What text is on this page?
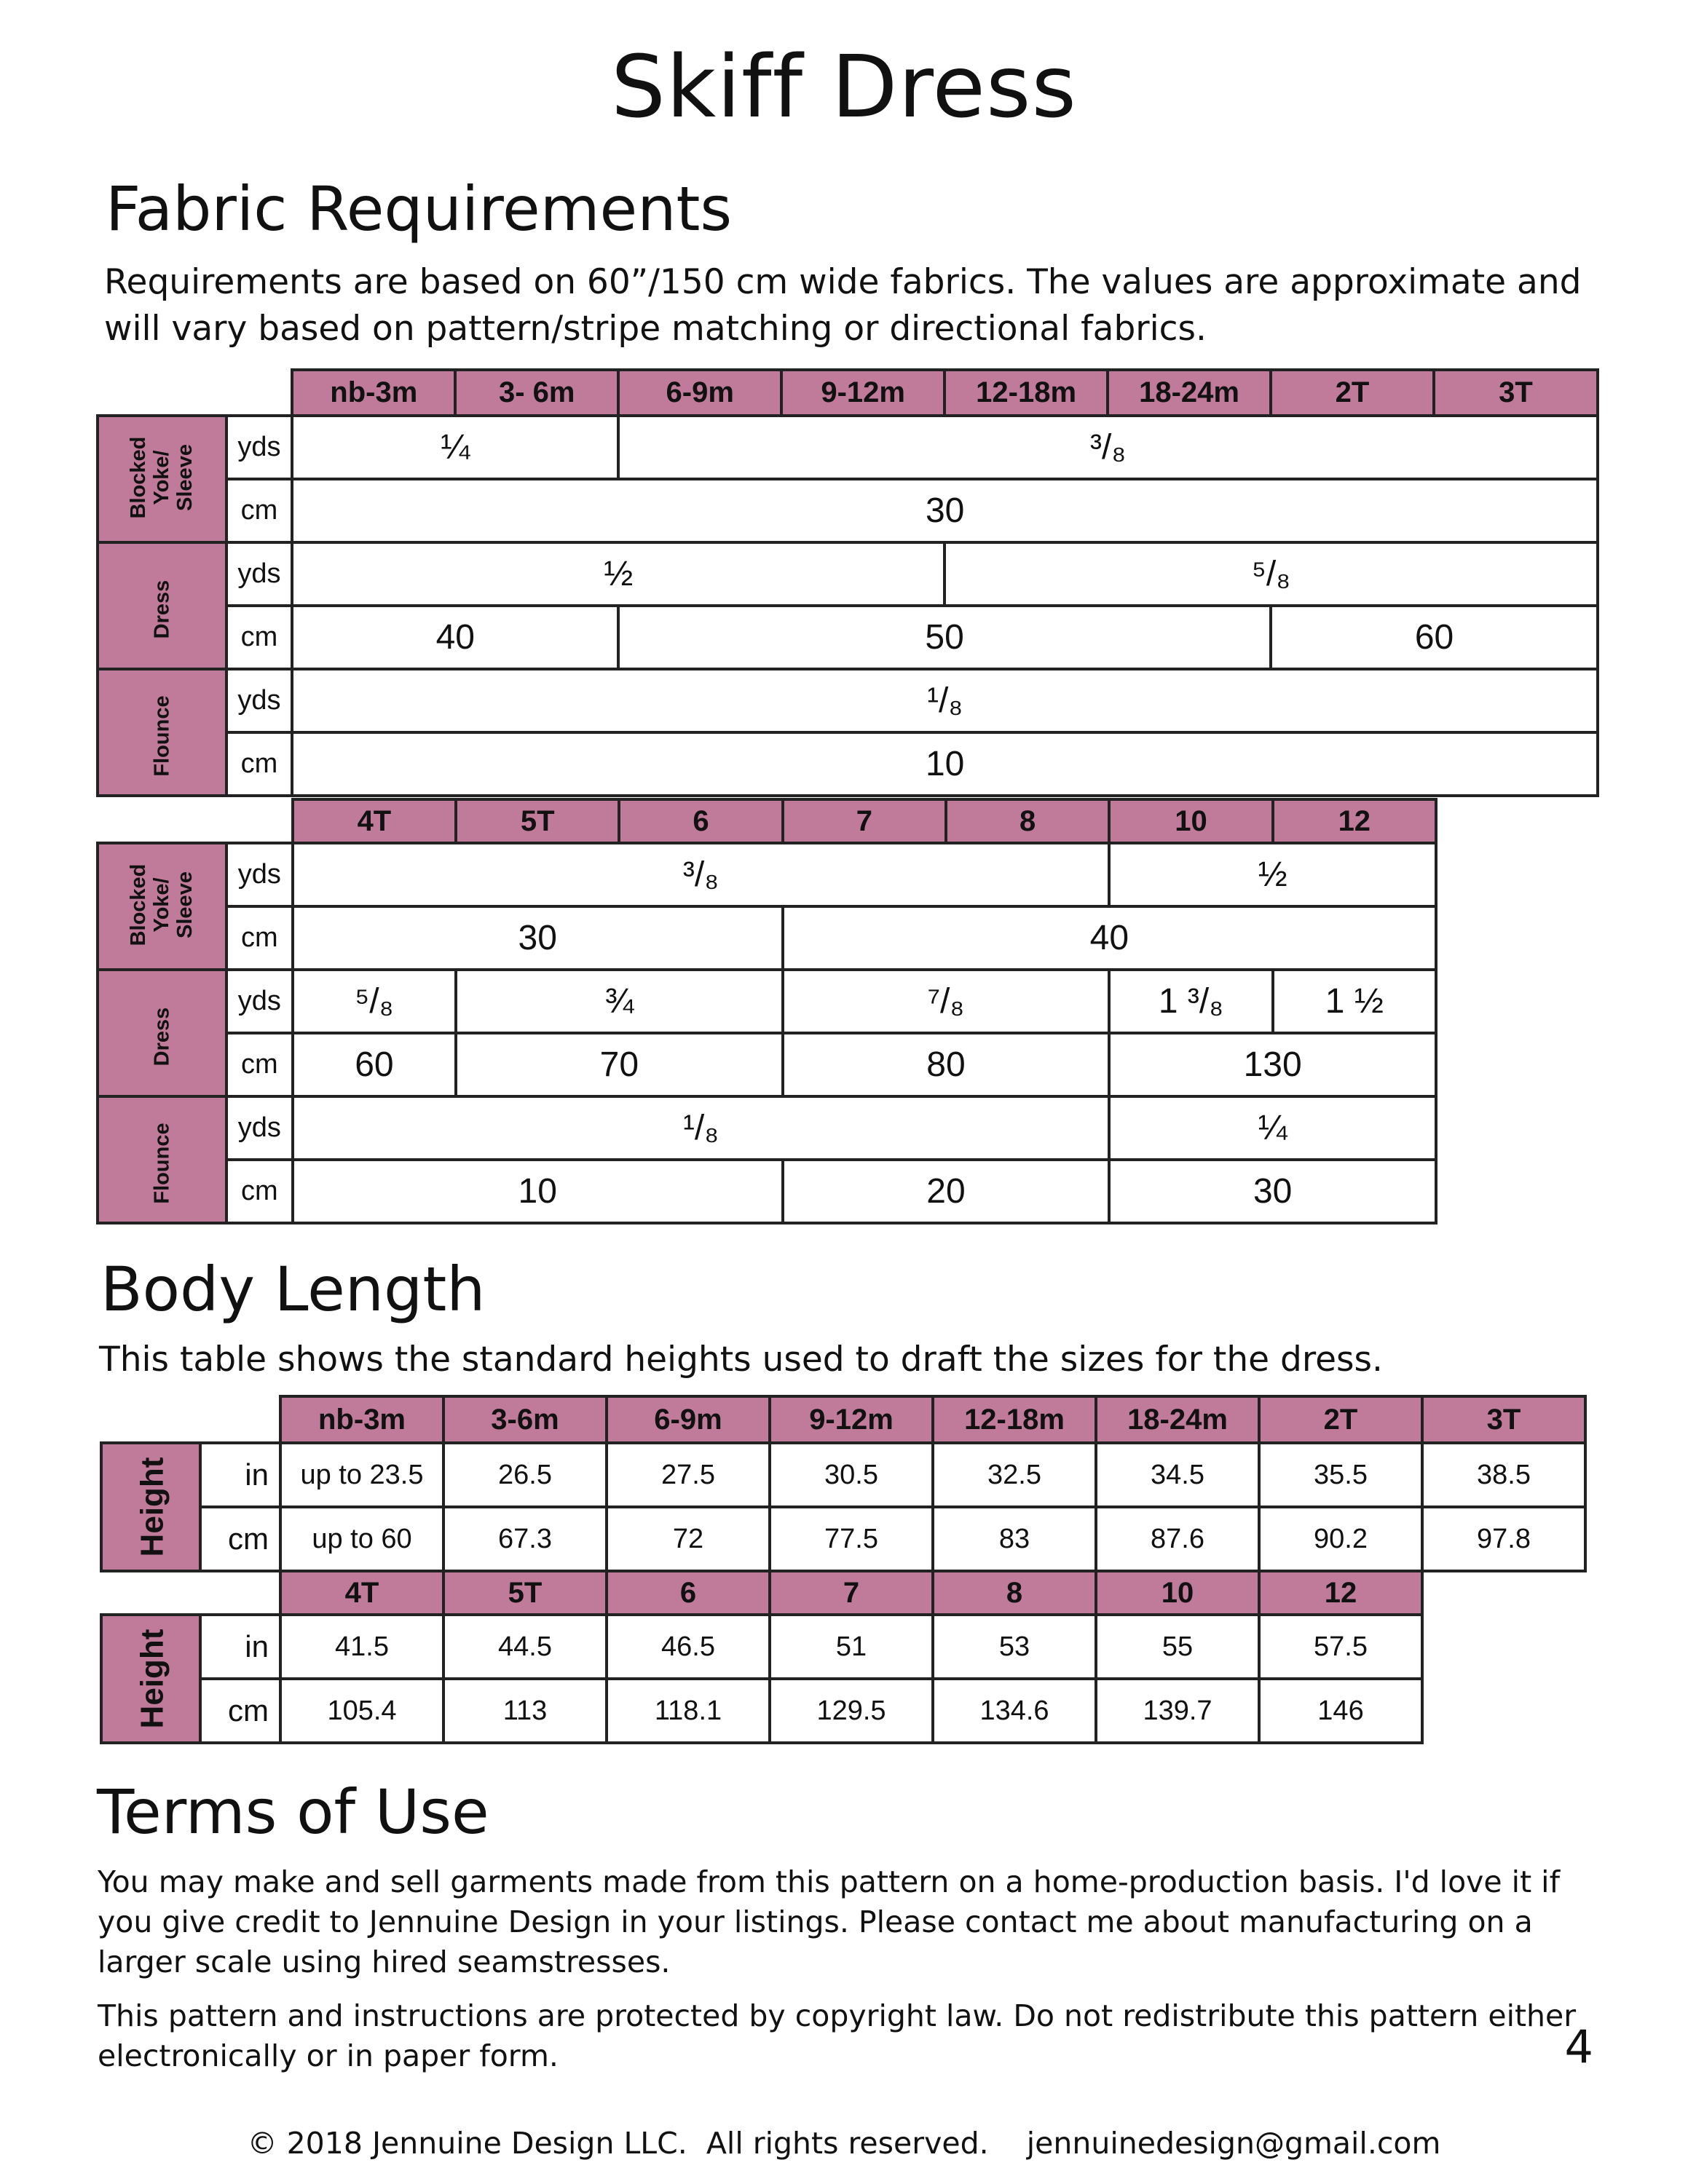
Skiff Dress
Fabric Requirements
Requirements are based on 60”/150 cm wide fabrics. The values are approximate and will vary based on pattern/stripe matching or directional fabrics.
		nb-3m	3- 6m	6-9m	9-12m	12-18m	18-24m	2T	3T
Blocked Yoke/ Sleeve	yds	¼		³/₈					
	cm	30							
Dress	yds	½				⁵/₈			
	cm	40		50				60	
Flounce	yds	¹/₈							
	cm	10							
		4T	5T	6	7	8	10	12
Blocked Yoke/ Sleeve	yds	³/₈					½	
	cm	30			40			
Dress	yds	⁵/₈	¾		⁷/₈		1 ³/₈	1 ½
	cm	60	70		80		130	
Flounce	yds	¹/₈					¼	
	cm	10			20		30	
Body Length
This table shows the standard heights used to draft the sizes for the dress.
		nb-3m	3-6m	6-9m	9-12m	12-18m	18-24m	2T	3T
Height	in	up to 23.5	26.5	27.5	30.5	32.5	34.5	35.5	38.5
	cm	up to 60	67.3	72	77.5	83	87.6	90.2	97.8
		4T	5T	6	7	8	10	12
Height	in	41.5	44.5	46.5	51	53	55	57.5
	cm	105.4	113	118.1	129.5	134.6	139.7	146
Terms of Use
You may make and sell garments made from this pattern on a home-production basis. I'd love it if you give credit to Jennuine Design in your listings. Please contact me about manufacturing on a larger scale using hired seamstresses.
This pattern and instructions are protected by copyright law. Do not redistribute this pattern either electronically or in paper form.	4
© 2018 Jennuine Design LLC.  All rights reserved.    jennuinedesign@gmail.com
